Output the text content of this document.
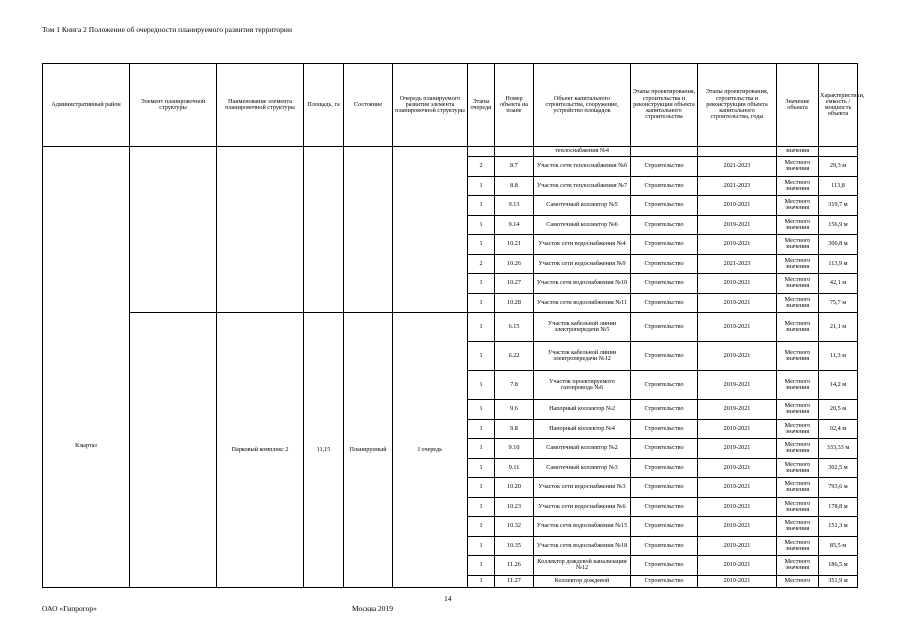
Том 1 Книга 2 Положение об очередности планируемого развития территории
Административный район	Элемент планировочной структуры	Наименование элемента планировочной структуры	Площадь, га	Состояние	Очередь планируемого развития элемента планировочной структуры	Этапы очереди	Номер объекта на плане	Объект капитального строительства, сооружение, устройство площадок	Этапы проектирования, строительства и реконструкции объекта капитального строительства	Этапы проектирования, строительства и реконструкции объекта капитального строительства, годы	Значение объекта	Характеристики, емкость / мощность объекта

Кзыртаз								теплоснабжения №4			значения	
						2	8.7	Участок сети теплоснабжения №6	Строительство	2021-2023	Местного значения	29,3 м
						1	8.8	Участок сети теплоснабжения №7	Строительство	2021-2023	Местного значения	113,8
						1	9.13	Самотечный коллектор №5	Строительство	2019-2021	Местного значения	319,7 м
						1	9.14	Самотечный коллектор №6	Строительство	2019-2021	Местного значения	156,9 м
						1	10.21	Участок сети водоснабжения №4	Строительство	2019-2021	Местного значения	306,8 м
						2	10.26	Участок сети водоснабжения №9	Строительство	2021-2023	Местного значения	113,9 м
						1	10.27	Участок сети водоснабжения №10	Строительство	2019-2021	Местного значения	42,1 м
						1	10.28	Участок сети водоснабжения №11	Строительство	2019-2021	Местного значения	75,7 м
		Парковый комплекс 2	11,15	Планируемый	I очередь	1	6.15	Участок кабельной линии электропередачи №5	Строительство	2019-2021	Местного значения	21,1 м
						1	6.22	Участок кабельной линии электропередачи №12	Строительство	2019-2021	Местного значения	11,3 м
						1	7.8	Участок проектируемого газопровода №6	Строительство	2019-2021	Местного значения	14,2 м
						1	9.6	Напорный коллектор №2	Строительство	2019-2021	Местного значения	20,5 м
						1	9.8	Напорный коллектор №4	Строительство	2019-2021	Местного значения	92,4 м
						1	9.10	Самотечный коллектор №2	Строительство	2019-2021	Местного значения	333,33 м
						1	9.11	Самотечный коллектор №3	Строительство	2019-2021	Местного значения	302,5 м
						1	10.20	Участок сети водоснабжения №3	Строительство	2019-2021	Местного значения	793,6 м
						1	10.23	Участок сети водоснабжения №6	Строительство	2019-2021	Местного значения	178,8 м
						1	10.32	Участок сети водоснабжения №15	Строительство	2019-2021	Местного значения	151,3 м
						1	10.35	Участок сети водоснабжения №18	Строительство	2019-2021	Местного значения	85,5 м
						1	11.26	Коллектор дождевой канализации №12	Строительство	2019-2021	Местного значения	186,5 м
						1	11.27	Коллектор дождевой	Строительство	2019-2021	Местного	351,9 м
14
ОАО «Гипрогор»	Москва 2019
